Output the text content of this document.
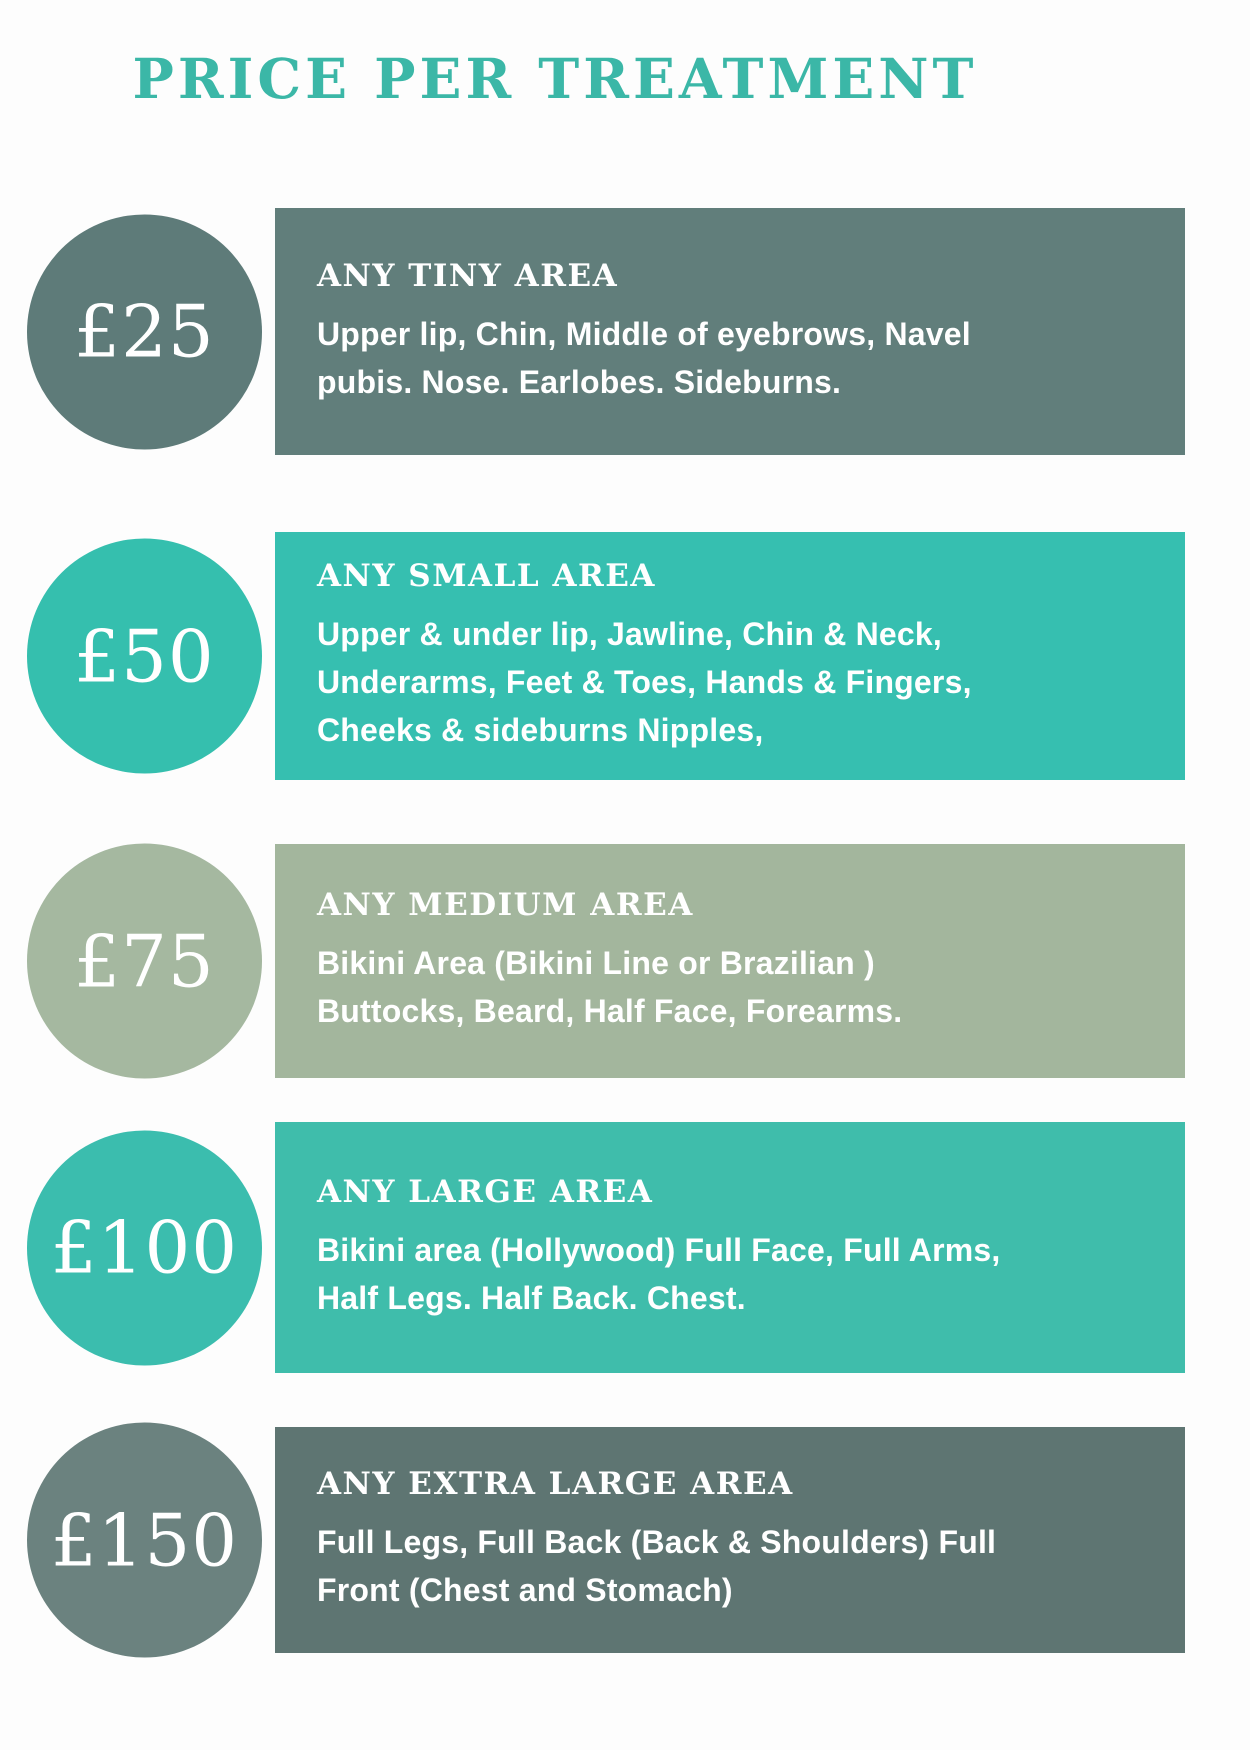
PRICE PER TREATMENT
£25
ANY TINY AREA

Upper lip, Chin, Middle of eyebrows, Navel pubis. Nose. Earlobes. Sideburns.

£50
ANY SMALL AREA

Upper & under lip, Jawline, Chin & Neck, Underarms, Feet & Toes, Hands & Fingers, Cheeks & sideburns Nipples,

£75
ANY MEDIUM AREA

Bikini Area (Bikini Line or Brazilian ) Buttocks, Beard, Half Face, Forearms.

£100
ANY LARGE AREA

Bikini area (Hollywood) Full Face, Full Arms, Half Legs. Half Back. Chest.

£150
ANY EXTRA LARGE AREA

Full Legs, Full Back (Back & Shoulders) Full Front (Chest and Stomach)
